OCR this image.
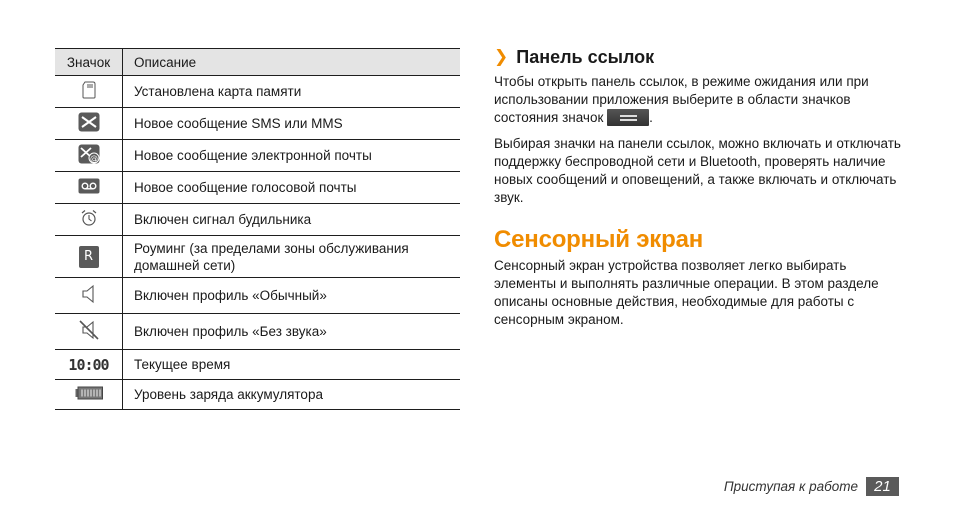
Значок	Описание
	Установлена карта памяти
	Новое сообщение SMS или MMS

@	Новое сообщение электронной почты
	Новое сообщение голосовой почты
	Включен сигнал будильника
R	Роуминг (за пределами зоны обслуживания домашней сети)
	Включен профиль «Обычный»
	Включен профиль «Без звука»
10:00	Текущее время
	Уровень заряда аккумулятора
❯ Панель ссылок

Чтобы открыть панель ссылок, в режиме ожидания или при использовании приложения выберите в области значков состояния значок	.

Выбирая значки на панели ссылок, можно включать и отключать поддержку беспроводной сети и Bluetooth, проверять наличие новых сообщений и оповещений, а также включать и отключать звук.

Сенсорный экран

Сенсорный экран устройства позволяет легко выбирать элементы и выполнять различные операции. В этом разделе описаны основные действия, необходимые для работы с сенсорным экраном.

Приступая к работе	21
